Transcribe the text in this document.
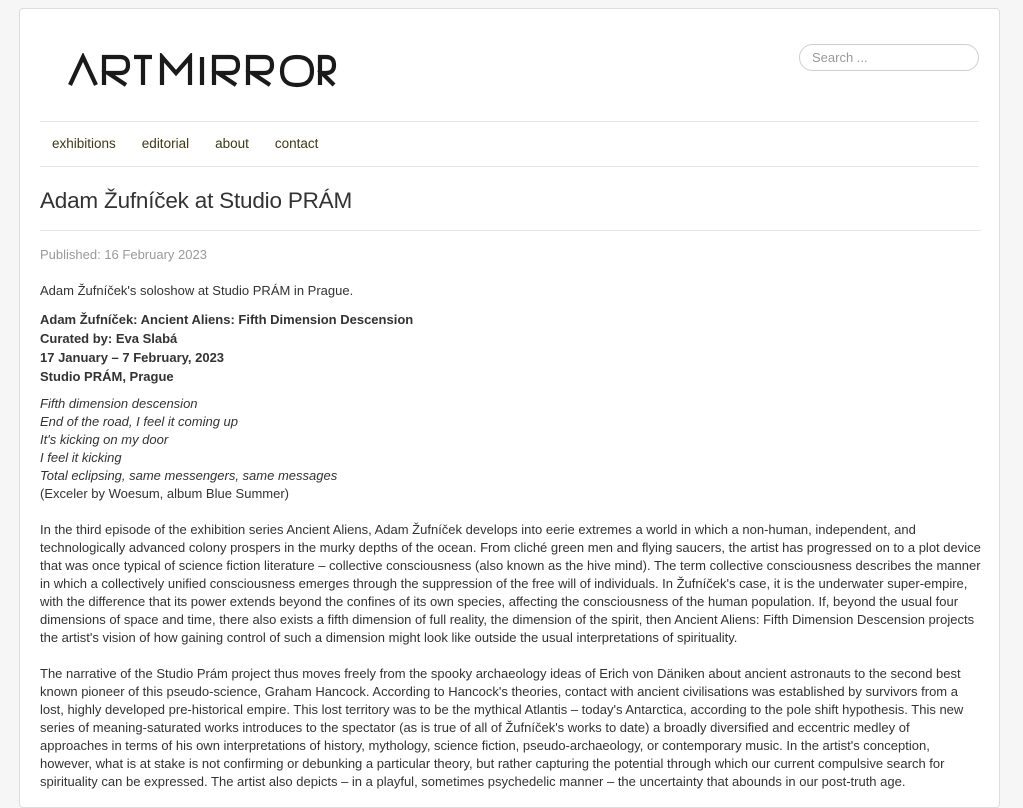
Search ...
exhibitions editorial about contact
Adam Žufníček at Studio PRÁM
Published: 16 February 2023

Adam Žufníček's soloshow at Studio PRÁM in Prague.

Adam Žufníček: Ancient Aliens: Fifth Dimension Descension
Curated by: Eva Slabá
17 January – 7 February, 2023
Studio PRÁM, Prague
Fifth dimension descension
End of the road, I feel it coming up
It's kicking on my door
I feel it kicking
Total eclipsing, same messengers, same messages
(Exceler by Woesum, album Blue Summer)

In the third episode of the exhibition series Ancient Aliens, Adam Žufníček develops into eerie extremes a world in which a non-human, independent, and technologically advanced colony prospers in the murky depths of the ocean. From cliché green men and flying saucers, the artist has progressed on to a plot device that was once typical of science fiction literature – collective consciousness (also known as the hive mind). The term collective consciousness describes the manner in which a collectively unified consciousness emerges through the suppression of the free will of individuals. In Žufníček's case, it is the underwater super-empire, with the difference that its power extends beyond the confines of its own species, affecting the consciousness of the human population. If, beyond the usual four dimensions of space and time, there also exists a fifth dimension of full reality, the dimension of the spirit, then Ancient Aliens: Fifth Dimension Descension projects the artist's vision of how gaining control of such a dimension might look like outside the usual interpretations of spirituality.

The narrative of the Studio Prám project thus moves freely from the spooky archaeology ideas of Erich von Däniken about ancient astronauts to the second best known pioneer of this pseudo-science, Graham Hancock. According to Hancock's theories, contact with ancient civilisations was established by survivors from a lost, highly developed pre-historical empire. This lost territory was to be the mythical Atlantis – today's Antarctica, according to the pole shift hypothesis. This new series of meaning-saturated works introduces to the spectator (as is true of all of Žufníček's works to date) a broadly diversified and eccentric medley of approaches in terms of his own interpretations of history, mythology, science fiction, pseudo-archaeology, or contemporary music. In the artist's conception, however, what is at stake is not confirming or debunking a particular theory, but rather capturing the potential through which our current compulsive search for spirituality can be expressed. The artist also depicts – in a playful, sometimes psychedelic manner – the uncertainty that abounds in our post-truth age.
